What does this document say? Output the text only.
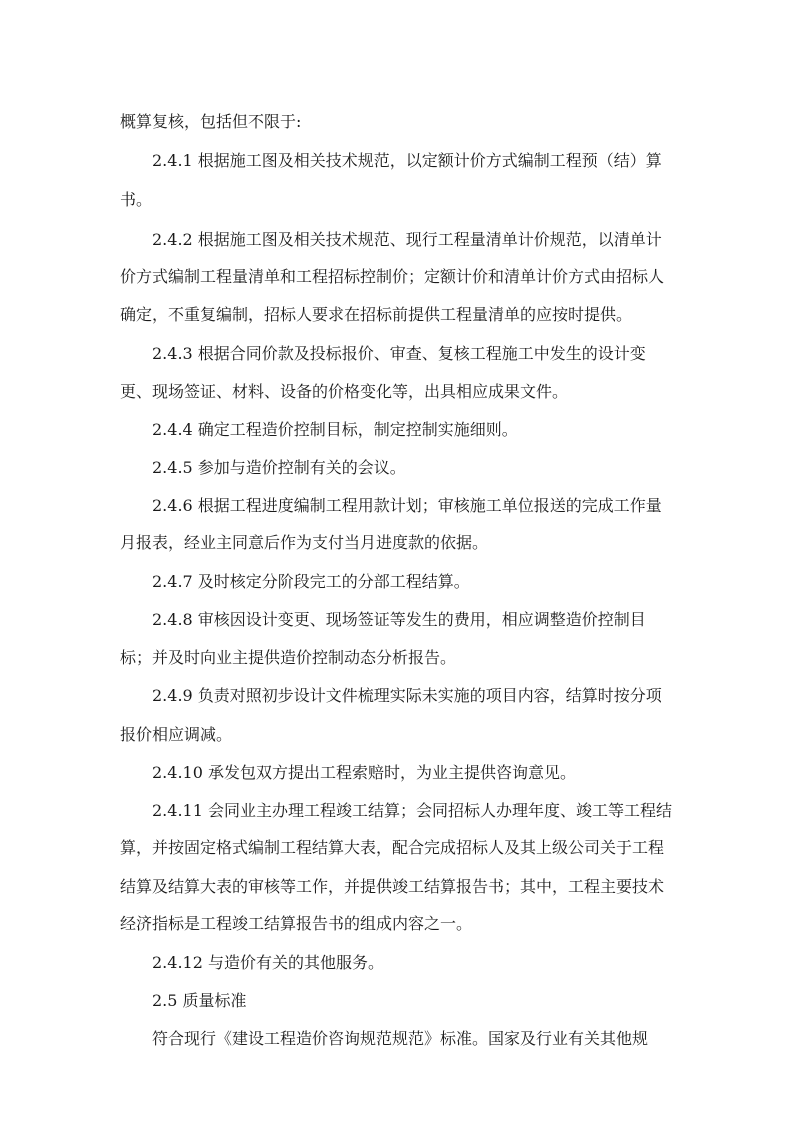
概算复核，包括但不限于:
2.4.1 根据施工图及相关技术规范，以定额计价方式编制工程预（结）算
书。
2.4.2 根据施工图及相关技术规范、现行工程量清单计价规范，以清单计
价方式编制工程量清单和工程招标控制价；定额计价和清单计价方式由招标人
确定，不重复编制，招标人要求在招标前提供工程量清单的应按时提供。
2.4.3 根据合同价款及投标报价、审查、复核工程施工中发生的设计变
更、现场签证、材料、设备的价格变化等，出具相应成果文件。
2.4.4 确定工程造价控制目标，制定控制实施细则。
2.4.5 参加与造价控制有关的会议。
2.4.6 根据工程进度编制工程用款计划；审核施工单位报送的完成工作量
月报表，经业主同意后作为支付当月进度款的依据。
2.4.7 及时核定分阶段完工的分部工程结算。
2.4.8 审核因设计变更、现场签证等发生的费用，相应调整造价控制目
标；并及时向业主提供造价控制动态分析报告。
2.4.9 负责对照初步设计文件梳理实际未实施的项目内容，结算时按分项
报价相应调减。
2.4.10 承发包双方提出工程索赔时，为业主提供咨询意见。
2.4.11 会同业主办理工程竣工结算；会同招标人办理年度、竣工等工程结
算，并按固定格式编制工程结算大表，配合完成招标人及其上级公司关于工程
结算及结算大表的审核等工作，并提供竣工结算报告书；其中，工程主要技术
经济指标是工程竣工结算报告书的组成内容之一。
2.4.12 与造价有关的其他服务。
2.5 质量标准
符合现行《建设工程造价咨询规范规范》标准。国家及行业有关其他规
